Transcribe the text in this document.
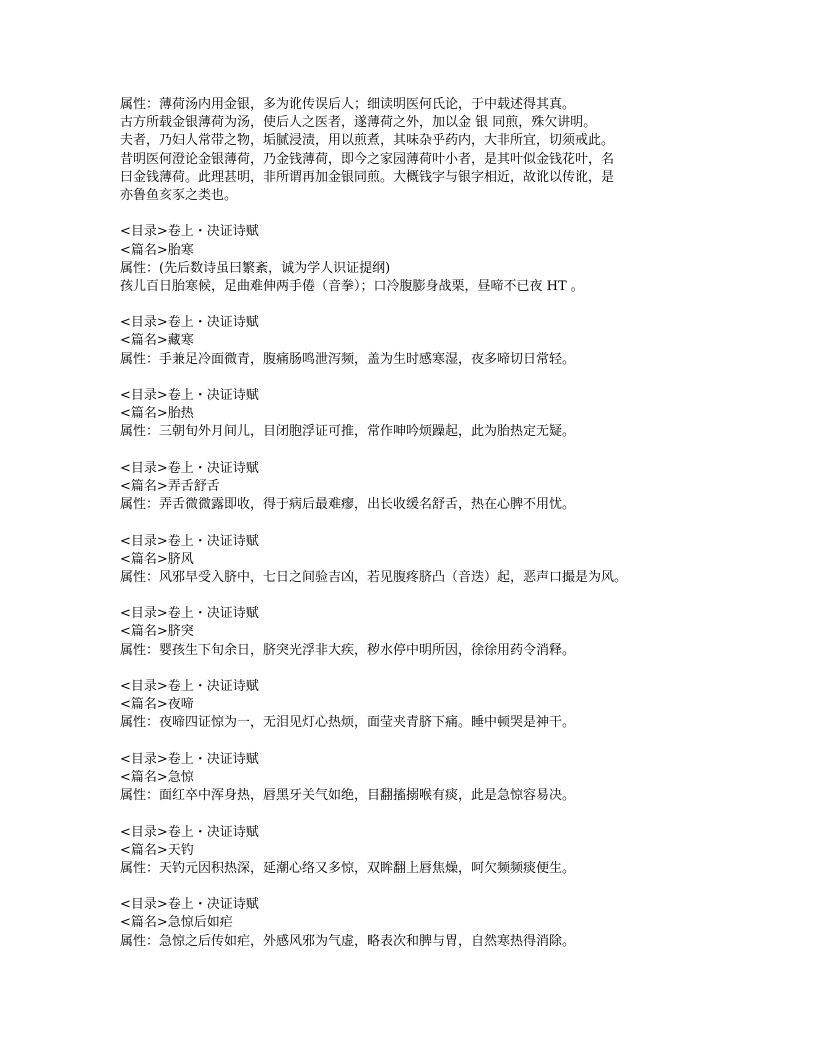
属性：薄荷汤内用金银，多为讹传误后人；细读明医何氏论，于中载述得其真。
古方所载金银薄荷为汤，使后人之医者，遂薄荷之外，加以金 银 同煎，殊欠讲明。
夫者，乃妇人常带之物，垢腻浸渍，用以煎煮，其味杂乎药内，大非所宜，切须戒此。
昔明医何澄论金银薄荷，乃金钱薄荷，即今之家园薄荷叶小者，是其叶似金钱花叶，名
曰金钱薄荷。此理甚明，非所谓再加金银同煎。大概钱字与银字相近，故讹以传讹，是
亦鲁鱼亥豕之类也。
<目录>卷上・决证诗赋
<篇名>胎寒
属性：(先后数诗虽曰繁紊，诚为学人识证提纲)
孩儿百日胎寒候，足曲难伸两手倦（音拳）；口冷腹膨身战栗，昼啼不已夜 HT 。
<目录>卷上・决证诗赋
<篇名>藏寒
属性：手兼足冷面微青，腹痛肠鸣泄泻频，盖为生时感寒湿，夜多啼切日常轻。
<目录>卷上・决证诗赋
<篇名>胎热
属性：三朝旬外月间儿，目闭胞浮证可推，常作呻吟烦躁起，此为胎热定无疑。
<目录>卷上・决证诗赋
<篇名>弄舌舒舌
属性：弄舌微微露即收，得于病后最难瘳，出长收缓名舒舌，热在心脾不用忧。
<目录>卷上・决证诗赋
<篇名>脐风
属性：风邪早受入脐中，七日之间验吉凶，若见腹疼脐凸（音迭）起，恶声口撮是为风。
<目录>卷上・决证诗赋
<篇名>脐突
属性：婴孩生下旬余日，脐突光浮非大疾，秽水停中明所因，徐徐用药令消释。
<目录>卷上・决证诗赋
<篇名>夜啼
属性：夜啼四证惊为一，无泪见灯心热烦，面莹夹青脐下痛。睡中顿哭是神干。
<目录>卷上・决证诗赋
<篇名>急惊
属性：面红卒中浑身热，唇黑牙关气如绝，目翻搐搦喉有痰，此是急惊容易决。
<目录>卷上・决证诗赋
<篇名>天钓
属性：天钓元因积热深，延潮心络又多惊，双眸翻上唇焦燥，呵欠频频痰便生。
<目录>卷上・决证诗赋
<篇名>急惊后如疟
属性：急惊之后传如疟，外感风邪为气虚，略表次和脾与胃，自然寒热得消除。
